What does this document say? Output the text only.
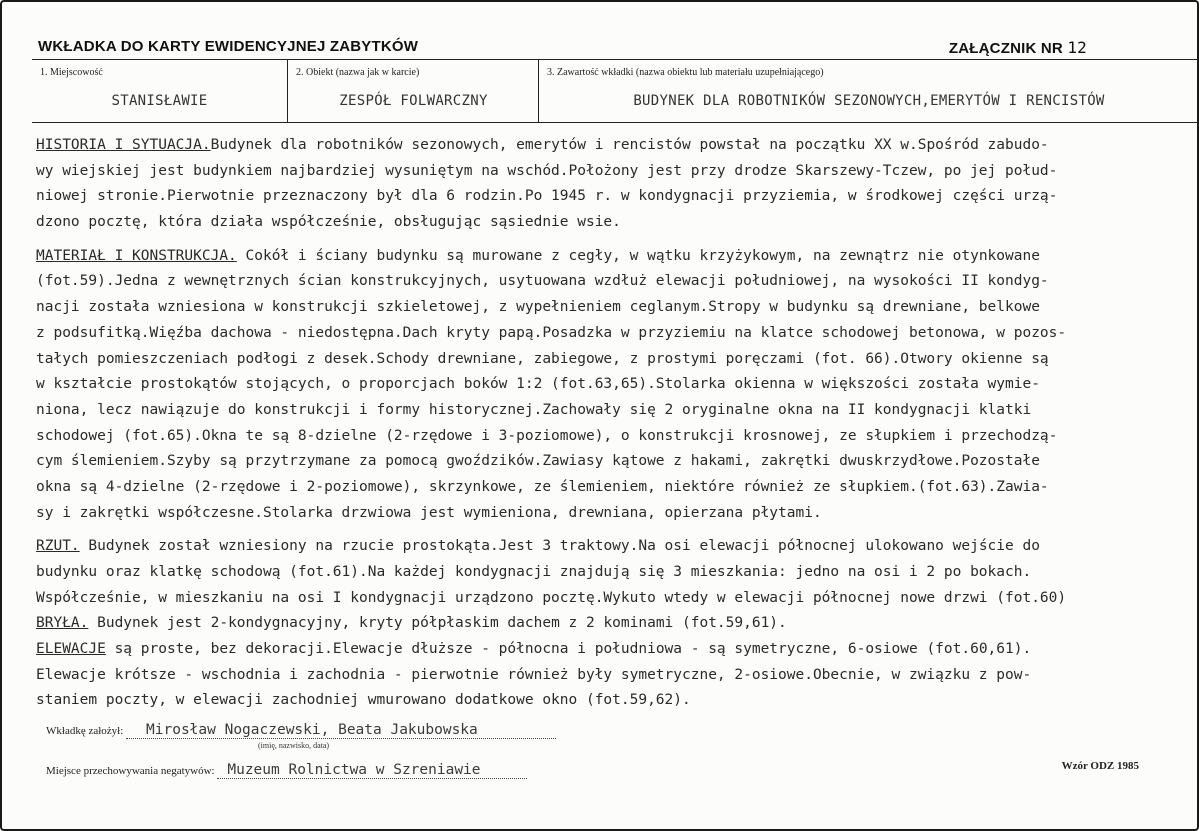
WKŁADKA DO KARTY EWIDENCYJNEJ ZABYTKÓW	ZAŁĄCZNIK NR 12
1. Miejscowość
STANISŁAWIE
2. Obiekt (nazwa jak w karcie)
ZESPÓŁ FOLWARCZNY
3. Zawartość wkładki (nazwa obiektu lub materiału uzupełniającego)
BUDYNEK DLA ROBOTNIKÓW SEZONOWYCH,EMERYTÓW I RENCISTÓW
HISTORIA I SYTUACJA.Budynek dla robotników sezonowych, emerytów i rencistów powstał na początku XX w.Spośród zabudo-
wy wiejskiej jest budynkiem najbardziej wysuniętym na wschód.Położony jest przy drodze Skarszewy-Tczew, po jej połud-
niowej stronie.Pierwotnie przeznaczony był dla 6 rodzin.Po 1945 r. w kondygnacji przyziemia, w środkowej części urzą-
dzono pocztę, która działa współcześnie, obsługując sąsiednie wsie.
MATERIAŁ I KONSTRUKCJA. Cokół i ściany budynku są murowane z cegły, w wątku krzyżykowym, na zewnątrz nie otynkowane
(fot.59).Jedna z wewnętrznych ścian konstrukcyjnych, usytuowana wzdłuż elewacji południowej, na wysokości II kondyg-
nacji została wzniesiona w konstrukcji szkieletowej, z wypełnieniem ceglanym.Stropy w budynku są drewniane, belkowe
z podsufitką.Więźba dachowa - niedostępna.Dach kryty papą.Posadzka w przyziemiu na klatce schodowej betonowa, w pozos-
tałych pomieszczeniach podłogi z desek.Schody drewniane, zabiegowe, z prostymi poręczami (fot. 66).Otwory okienne są
w kształcie prostokątów stojących, o proporcjach boków 1:2 (fot.63,65).Stolarka okienna w większości została wymie-
niona, lecz nawiązuje do konstrukcji i formy historycznej.Zachowały się 2 oryginalne okna na II kondygnacji klatki
schodowej (fot.65).Okna te są 8-dzielne (2-rzędowe i 3-poziomowe), o konstrukcji krosnowej, ze słupkiem i przechodzą-
cym ślemieniem.Szyby są przytrzymane za pomocą gwoździków.Zawiasy kątowe z hakami, zakrętki dwuskrzydłowe.Pozostałe
okna są 4-dzielne (2-rzędowe i 2-poziomowe), skrzynkowe, ze ślemieniem, niektóre również ze słupkiem.(fot.63).Zawia-
sy i zakrętki współczesne.Stolarka drzwiowa jest wymieniona, drewniana, opierzana płytami.
RZUT. Budynek został wzniesiony na rzucie prostokąta.Jest 3 traktowy.Na osi elewacji północnej ulokowano wejście do
budynku oraz klatkę schodową (fot.61).Na każdej kondygnacji znajdują się 3 mieszkania: jedno na osi i 2 po bokach.
Współcześnie, w mieszkaniu na osi I kondygnacji urządzono pocztę.Wykuto wtedy w elewacji północnej nowe drzwi (fot.60)
BRYŁA. Budynek jest 2-kondygnacyjny, kryty półpłaskim dachem z 2 kominami (fot.59,61).
ELEWACJE są proste, bez dekoracji.Elewacje dłuższe - północna i południowa - są symetryczne, 6-osiowe (fot.60,61).
Elewacje krótsze - wschodnia i zachodnia - pierwotnie również były symetryczne, 2-osiowe.Obecnie, w związku z pow-
staniem poczty, w elewacji zachodniej wmurowano dodatkowe okno (fot.59,62).
Wkładkę założył: Mirosław Nogaczewski, Beata Jakubowska
(imię, nazwisko, data)
Miejsce przechowywania negatywów: Muzeum Rolnictwa w Szreniawie	Wzór ODZ 1985
